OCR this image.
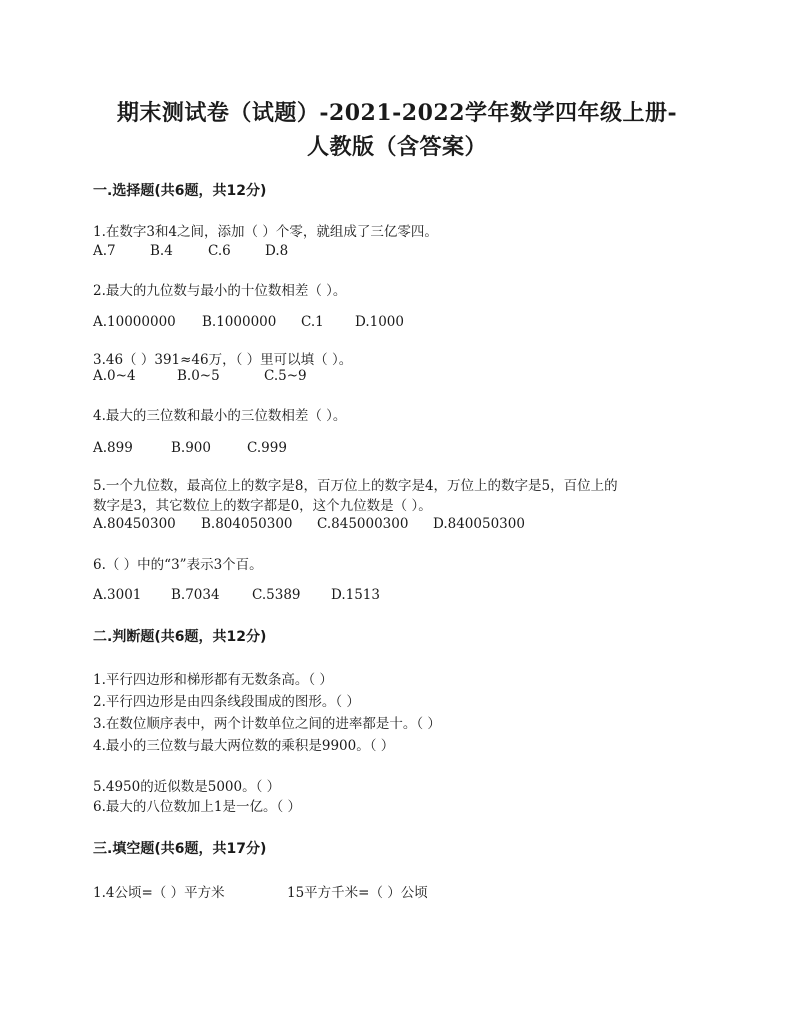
期末测试卷（试题）-2021-2022学年数学四年级上册-
人教版（含答案）
一.选择题(共6题，共12分)
1.在数字3和4之间，添加（ ）个零，就组成了三亿零四。
A.7	B.4	C.6	D.8
2.最大的九位数与最小的十位数相差（ ）。
A.10000000 B.1000000 C.1 D.1000
3.46（ ）391≈46万，（ ）里可以填（ ）。
A.0~4	B.0~5	C.5~9
4.最大的三位数和最小的三位数相差（ ）。
A.899	B.900	C.999
5.一个九位数，最高位上的数字是8，百万位上的数字是4，万位上的数字是5，百位上的
数字是3，其它数位上的数字都是0，这个九位数是（ ）。
A.80450300 B.804050300 C.845000300 D.840050300
6.（ ）中的“3”表示3个百。
A.3001 B.7034 C.5389 D.1513
二.判断题(共6题，共12分)
1.平行四边形和梯形都有无数条高。（ ）
2.平行四边形是由四条线段围成的图形。（ ）
3.在数位顺序表中，两个计数单位之间的进率都是十。（ ）
4.最小的三位数与最大两位数的乘积是9900。（ ）
5.4950的近似数是5000。（ ）
6.最大的八位数加上1是一亿。（ ）
三.填空题(共6题，共17分)
1.4公顷=（ ）平方米	15平方千米=（ ）公顷
